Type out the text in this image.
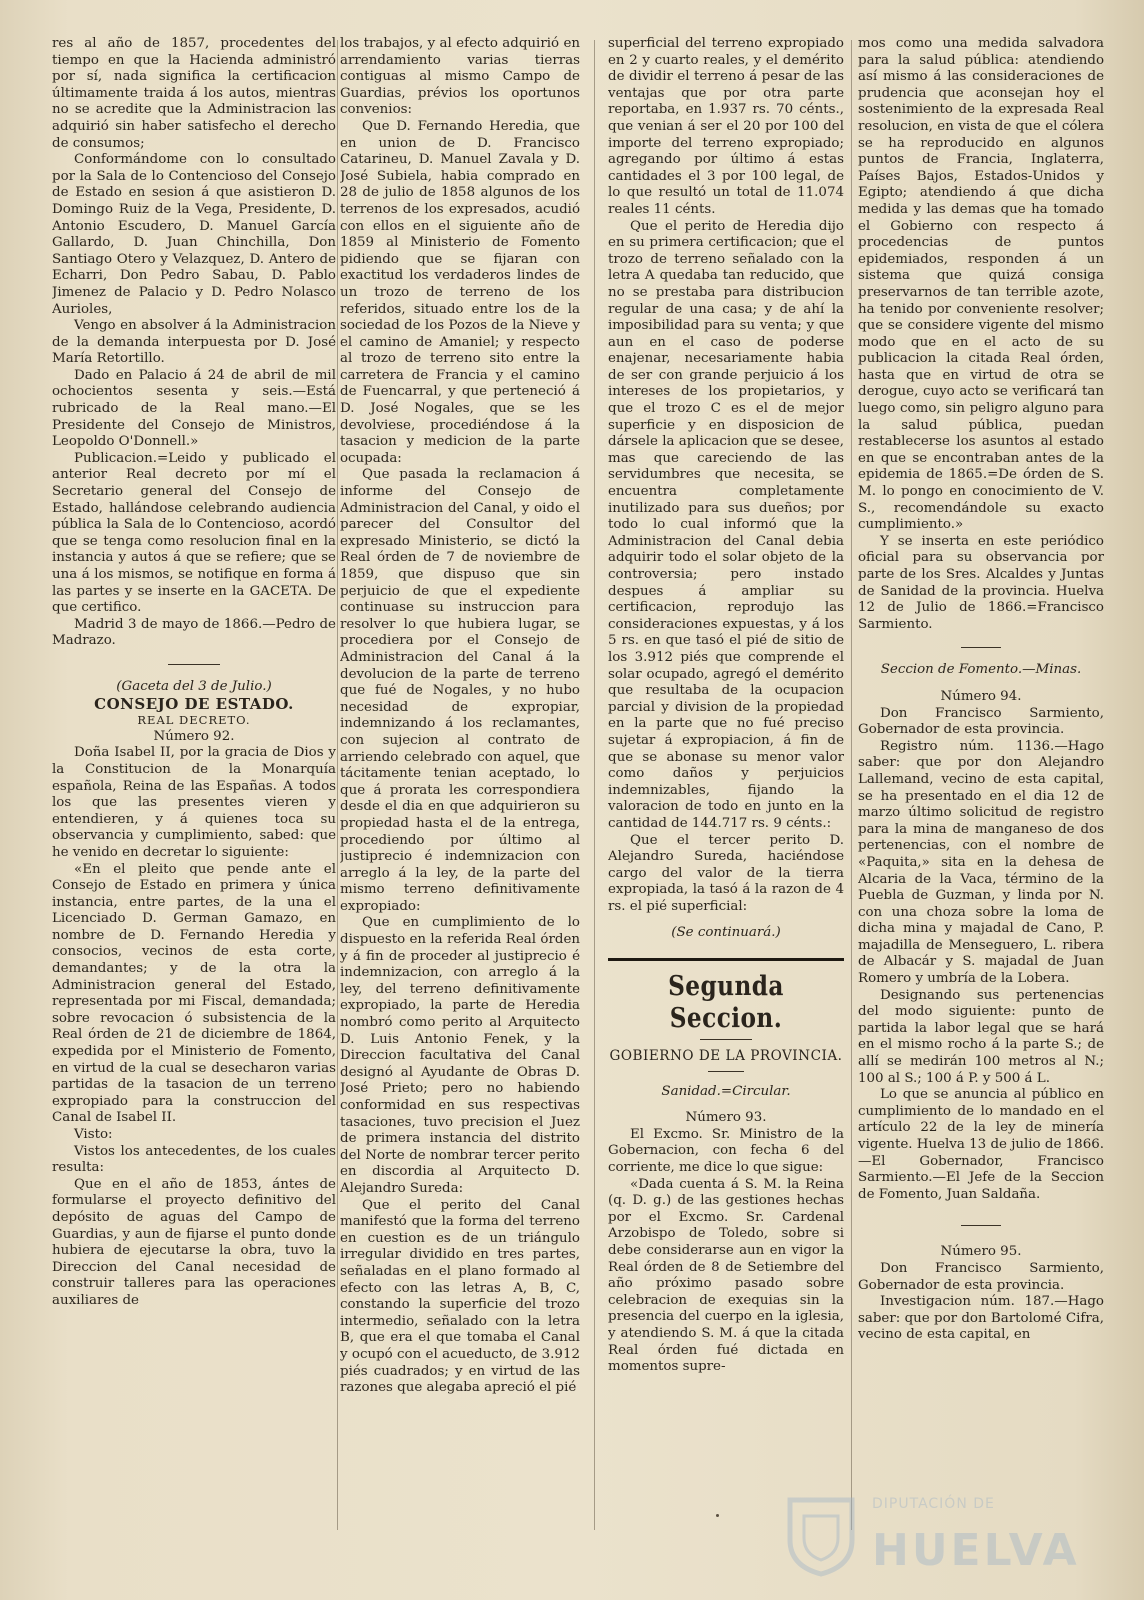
res al año de 1857, procedentes del tiempo en que la Hacienda administró por sí, nada significa la certificacion últimamente traida á los autos, mientras no se acredite que la Administracion las adquirió sin haber satisfecho el derecho de consumos;

Conformándome con lo consultado por la Sala de lo Contencioso del Consejo de Estado en sesion á que asistieron D. Domingo Ruiz de la Vega, Presidente, D. Antonio Escudero, D. Manuel García Gallardo, D. Juan Chinchilla, Don Santiago Otero y Velazquez, D. Antero de Echarri, Don Pedro Sabau, D. Pablo Jimenez de Palacio y D. Pedro Nolasco Aurioles,

Vengo en absolver á la Administracion de la demanda interpuesta por D. José María Retortillo.

Dado en Palacio á 24 de abril de mil ochocientos sesenta y seis.—Está rubricado de la Real mano.—El Presidente del Consejo de Ministros, Leopoldo O'Donnell.»

Publicacion.=Leido y publicado el anterior Real decreto por mí el Secretario general del Consejo de Estado, hallándose celebrando audiencia pública la Sala de lo Contencioso, acordó que se tenga como resolucion final en la instancia y autos á que se refiere; que se una á los mismos, se notifique en forma á las partes y se inserte en la GACETA. De que certifico.

Madrid 3 de mayo de 1866.—Pedro de Madrazo.

(Gaceta del 3 de Julio.)

CONSEJO DE ESTADO.

REAL DECRETO.

Número 92.

Doña Isabel II, por la gracia de Dios y la Constitucion de la Monarquía española, Reina de las Españas. A todos los que las presentes vieren y entendieren, y á quienes toca su observancia y cumplimiento, sabed: que he venido en decretar lo siguiente:

«En el pleito que pende ante el Consejo de Estado en primera y única instancia, entre partes, de la una el Licenciado D. German Gamazo, en nombre de D. Fernando Heredia y consocios, vecinos de esta corte, demandantes; y de la otra la Administracion general del Estado, representada por mi Fiscal, demandada; sobre revocacion ó subsistencia de la Real órden de 21 de diciembre de 1864, expedida por el Ministerio de Fomento, en virtud de la cual se desecharon varias partidas de la tasacion de un terreno expropiado para la construccion del Canal de Isabel II.

Visto:

Vistos los antecedentes, de los cuales resulta:

Que en el año de 1853, ántes de formularse el proyecto definitivo del depósito de aguas del Campo de Guardias, y aun de fijarse el punto donde hubiera de ejecutarse la obra, tuvo la Direccion del Canal necesidad de construir talleres para las operaciones auxiliares de

los trabajos, y al efecto adquirió en arrendamiento varias tierras contiguas al mismo Campo de Guardias, prévios los oportunos convenios:

Que D. Fernando Heredia, que en union de D. Francisco Catarineu, D. Manuel Zavala y D. José Subiela, habia comprado en 28 de julio de 1858 algunos de los terrenos de los expresados, acudió con ellos en el siguiente año de 1859 al Ministerio de Fomento pidiendo que se fijaran con exactitud los verdaderos lindes de un trozo de terreno de los referidos, situado entre los de la sociedad de los Pozos de la Nieve y el camino de Amaniel; y respecto al trozo de terreno sito entre la carretera de Francia y el camino de Fuencarral, y que perteneció á D. José Nogales, que se les devolviese, procediéndose á la tasacion y medicion de la parte ocupada:

Que pasada la reclamacion á informe del Consejo de Administracion del Canal, y oido el parecer del Consultor del expresado Ministerio, se dictó la Real órden de 7 de noviembre de 1859, que dispuso que sin perjuicio de que el expediente continuase su instruccion para resolver lo que hubiera lugar, se procediera por el Consejo de Administracion del Canal á la devolucion de la parte de terreno que fué de Nogales, y no hubo necesidad de expropiar, indemnizando á los reclamantes, con sujecion al contrato de arriendo celebrado con aquel, que tácitamente tenian aceptado, lo que á prorata les correspondiera desde el dia en que adquirieron su propiedad hasta el de la entrega, procediendo por último al justiprecio é indemnizacion con arreglo á la ley, de la parte del mismo terreno definitivamente expropiado:

Que en cumplimiento de lo dispuesto en la referida Real órden y á fin de proceder al justiprecio é indemnizacion, con arreglo á la ley, del terreno definitivamente expropiado, la parte de Heredia nombró como perito al Arquitecto D. Luis Antonio Fenek, y la Direccion facultativa del Canal designó al Ayudante de Obras D. José Prieto; pero no habiendo conformidad en sus respectivas tasaciones, tuvo precision el Juez de primera instancia del distrito del Norte de nombrar tercer perito en discordia al Arquitecto D. Alejandro Sureda:

Que el perito del Canal manifestó que la forma del terreno en cuestion es de un triángulo irregular dividido en tres partes, señaladas en el plano formado al efecto con las letras A, B, C, constando la superficie del trozo intermedio, señalado con la letra B, que era el que tomaba el Canal y ocupó con el acueducto, de 3.912 piés cuadrados; y en virtud de las razones que alegaba apreció el pié

superficial del terreno expropiado en 2 y cuarto reales, y el demérito de dividir el terreno á pesar de las ventajas que por otra parte reportaba, en 1.937 rs. 70 cénts., que venian á ser el 20 por 100 del importe del terreno expropiado; agregando por último á estas cantidades el 3 por 100 legal, de lo que resultó un total de 11.074 reales 11 cénts.

Que el perito de Heredia dijo en su primera certificacion; que el trozo de terreno señalado con la letra A quedaba tan reducido, que no se prestaba para distribucion regular de una casa; y de ahí la imposibilidad para su venta; y que aun en el caso de poderse enajenar, necesariamente habia de ser con grande perjuicio á los intereses de los propietarios, y que el trozo C es el de mejor superficie y en disposicion de dársele la aplicacion que se desee, mas que careciendo de las servidumbres que necesita, se encuentra completamente inutilizado para sus dueños; por todo lo cual informó que la Administracion del Canal debia adquirir todo el solar objeto de la controversia; pero instado despues á ampliar su certificacion, reprodujo las consideraciones expuestas, y á los 5 rs. en que tasó el pié de sitio de los 3.912 piés que comprende el solar ocupado, agregó el demérito que resultaba de la ocupacion parcial y division de la propiedad en la parte que no fué preciso sujetar á expropiacion, á fin de que se abonase su menor valor como daños y perjuicios indemnizables, fijando la valoracion de todo en junto en la cantidad de 144.717 rs. 9 cénts.:

Que el tercer perito D. Alejandro Sureda, haciéndose cargo del valor de la tierra expropiada, la tasó á la razon de 4 rs. el pié superficial:

(Se continuará.)

Segunda Seccion.

GOBIERNO DE LA PROVINCIA.

Sanidad.=Circular.

Número 93.

El Excmo. Sr. Ministro de la Gobernacion, con fecha 6 del corriente, me dice lo que sigue:

«Dada cuenta á S. M. la Reina (q. D. g.) de las gestiones hechas por el Excmo. Sr. Cardenal Arzobispo de Toledo, sobre si debe considerarse aun en vigor la Real órden de 8 de Setiembre del año próximo pasado sobre celebracion de exequias sin la presencia del cuerpo en la iglesia, y atendiendo S. M. á que la citada Real órden fué dictada en momentos supre-

mos como una medida salvadora para la salud pública: atendiendo así mismo á las consideraciones de prudencia que aconsejan hoy el sostenimiento de la expresada Real resolucion, en vista de que el cólera se ha reproducido en algunos puntos de Francia, Inglaterra, Países Bajos, Estados-Unidos y Egipto; atendiendo á que dicha medida y las demas que ha tomado el Gobierno con respecto á procedencias de puntos epidemiados, responden á un sistema que quizá consiga preservarnos de tan terrible azote, ha tenido por conveniente resolver; que se considere vigente del mismo modo que en el acto de su publicacion la citada Real órden, hasta que en virtud de otra se derogue, cuyo acto se verificará tan luego como, sin peligro alguno para la salud pública, puedan restablecerse los asuntos al estado en que se encontraban antes de la epidemia de 1865.=De órden de S. M. lo pongo en conocimiento de V. S., recomendándole su exacto cumplimiento.»

Y se inserta en este periódico oficial para su observancia por parte de los Sres. Alcaldes y Juntas de Sanidad de la provincia. Huelva 12 de Julio de 1866.=Francisco Sarmiento.

Seccion de Fomento.—Minas.

Número 94.

Don Francisco Sarmiento, Gobernador de esta provincia.

Registro núm. 1136.—Hago saber: que por don Alejandro Lallemand, vecino de esta capital, se ha presentado en el dia 12 de marzo último solicitud de registro para la mina de manganeso de dos pertenencias, con el nombre de «Paquita,» sita en la dehesa de Alcaria de la Vaca, término de la Puebla de Guzman, y linda por N. con una choza sobre la loma de dicha mina y majadal de Cano, P. majadilla de Menseguero, L. ribera de Albacár y S. majadal de Juan Romero y umbría de la Lobera.

Designando sus pertenencias del modo siguiente: punto de partida la labor legal que se hará en el mismo rocho á la parte S.; de allí se medirán 100 metros al N.; 100 al S.; 100 á P. y 500 á L.

Lo que se anuncia al público en cumplimiento de lo mandado en el artículo 22 de la ley de minería vigente. Huelva 13 de julio de 1866.—El Gobernador, Francisco Sarmiento.—El Jefe de la Seccion de Fomento, Juan Saldaña.

Número 95.

Don Francisco Sarmiento, Gobernador de esta provincia.

Investigacion núm. 187.—Hago saber: que por don Bartolomé Cifra, vecino de esta capital, en

DIPUTACIÓN DE
HUELVA
